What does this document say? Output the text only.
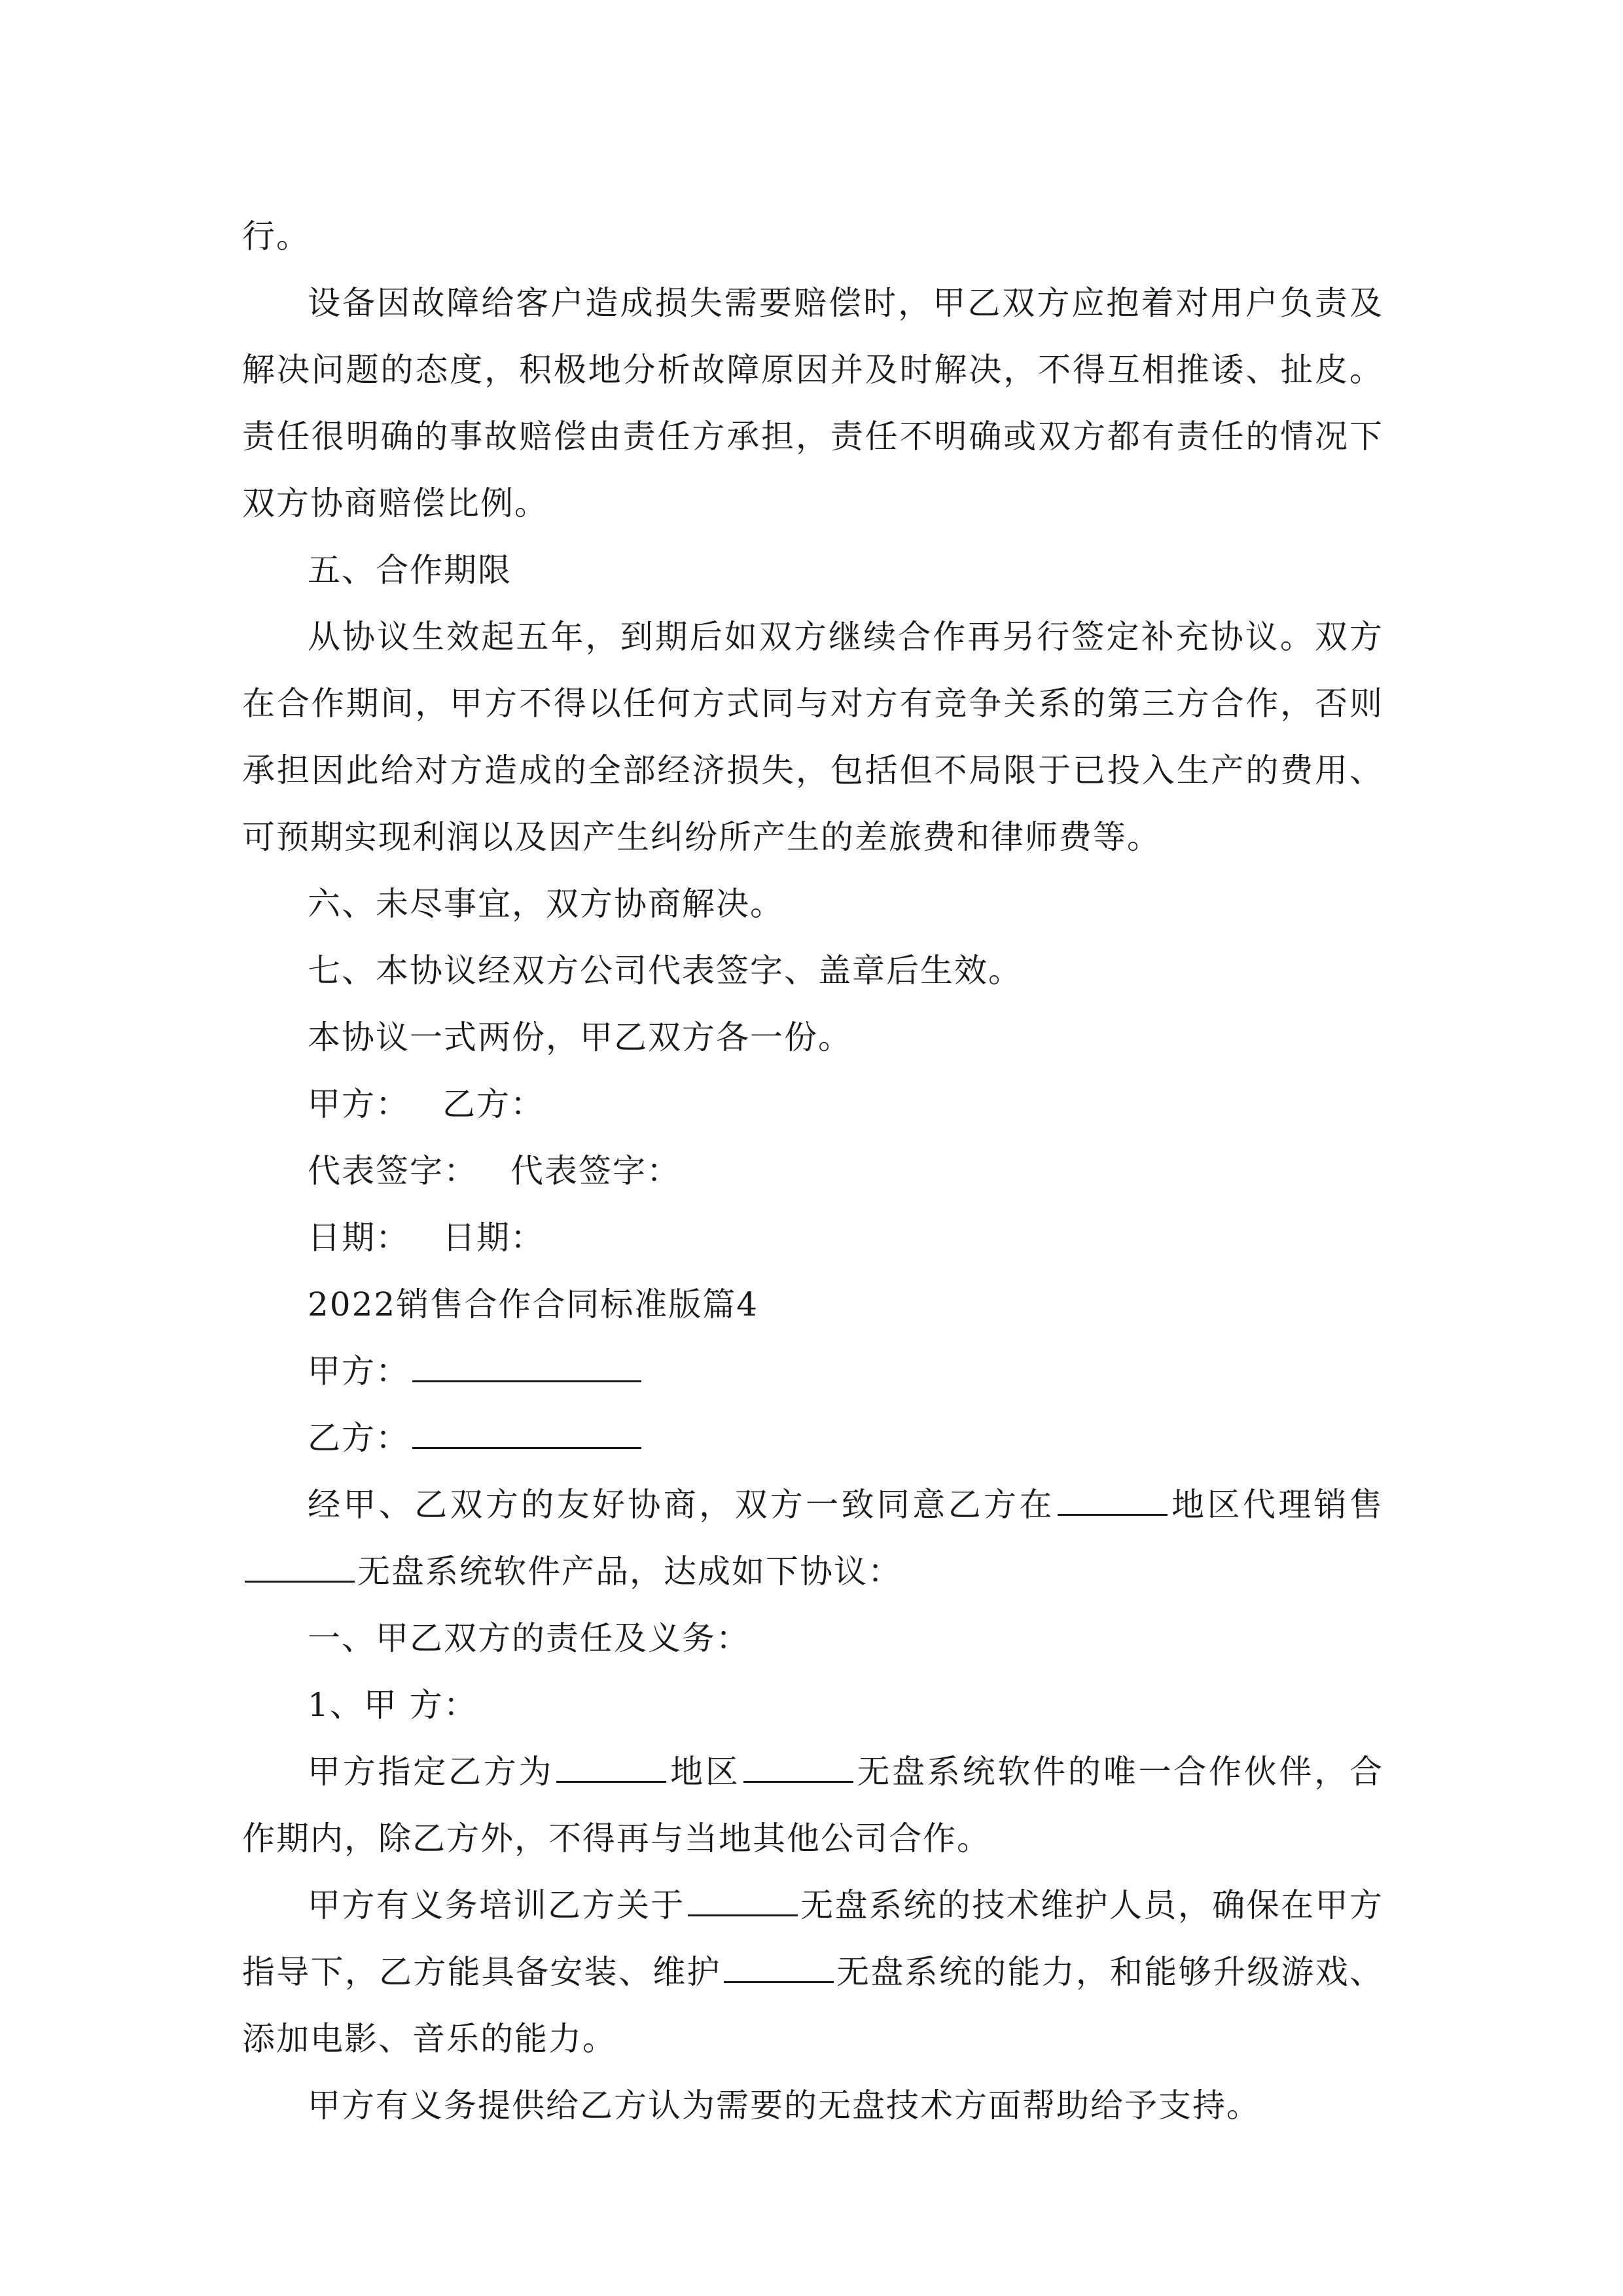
行。

设备因故障给客户造成损失需要赔偿时，甲乙双方应抱着对用户负责及解决问题的态度，积极地分析故障原因并及时解决，不得互相推诿、扯皮。责任很明确的事故赔偿由责任方承担，责任不明确或双方都有责任的情况下双方协商赔偿比例。

五、合作期限

从协议生效起五年，到期后如双方继续合作再另行签定补充协议。双方在合作期间，甲方不得以任何方式同与对方有竞争关系的第三方合作，否则承担因此给对方造成的全部经济损失，包括但不局限于已投入生产的费用、可预期实现利润以及因产生纠纷所产生的差旅费和律师费等。

六、未尽事宜，双方协商解决。

七、本协议经双方公司代表签字、盖章后生效。

本协议一式两份，甲乙双方各一份。

甲方： 乙方：

代表签字： 代表签字：

日期： 日期：

2022销售合作合同标准版篇4

甲方：

乙方：

经甲、乙双方的友好协商，双方一致同意乙方在	地区代理销售无盘系统软件产品，达成如下协议：

一、甲乙双方的责任及义务：

1、甲 方：

甲方指定乙方为	地区	无盘系统软件的唯一合作伙伴，合作期内，除乙方外，不得再与当地其他公司合作。

甲方有义务培训乙方关于	无盘系统的技术维护人员，确保在甲方指导下，乙方能具备安装、维护	无盘系统的能力，和能够升级游戏、添加电影、音乐的能力。

甲方有义务提供给乙方认为需要的无盘技术方面帮助给予支持。
